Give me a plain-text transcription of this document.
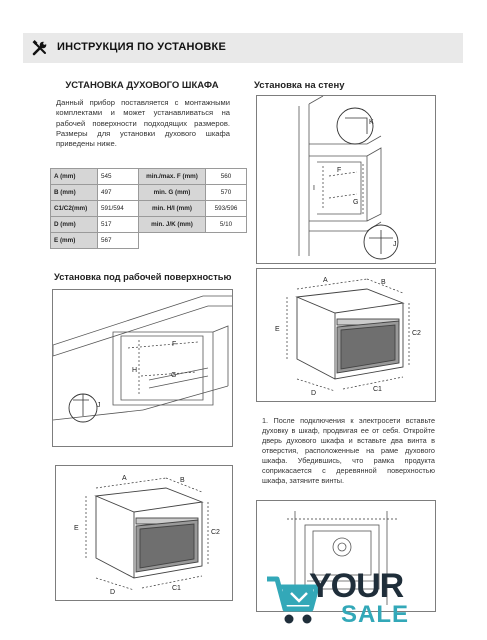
ИНСТРУКЦИЯ ПО УСТАНОВКЕ
УСТАНОВКА ДУХОВОГО ШКАФА
Данный прибор поставляется с монтажными комплектами и может устанавливаться на рабочей поверхности подходящих размеров. Размеры для установки духового шкафа приведены ниже.
A (mm)	545	min./max. F (mm)	560
B (mm)	497	min. G (mm)	570
C1/C2(mm)	591/594	min. H/I (mm)	593/596
D (mm)	517	min. J/K (mm)	5/10
E (mm)	567		
Установка под рабочей поверхностью
F
G
H
J
A	B
E
C2
D
C1
Установка на стену
K
I
F
G
J
A	B
E
C2
D
C1
1. После подключения к электросети вставьте духовку в шкаф, продвигая ее от себя. Откройте дверь духового шкафа и вставьте два винта в отверстия, расположенные на раме духового шкафа. Убедившись, что рамка продукта соприкасается с деревянной поверхностью шкафа, затяните винты.
YOUR
SALE
